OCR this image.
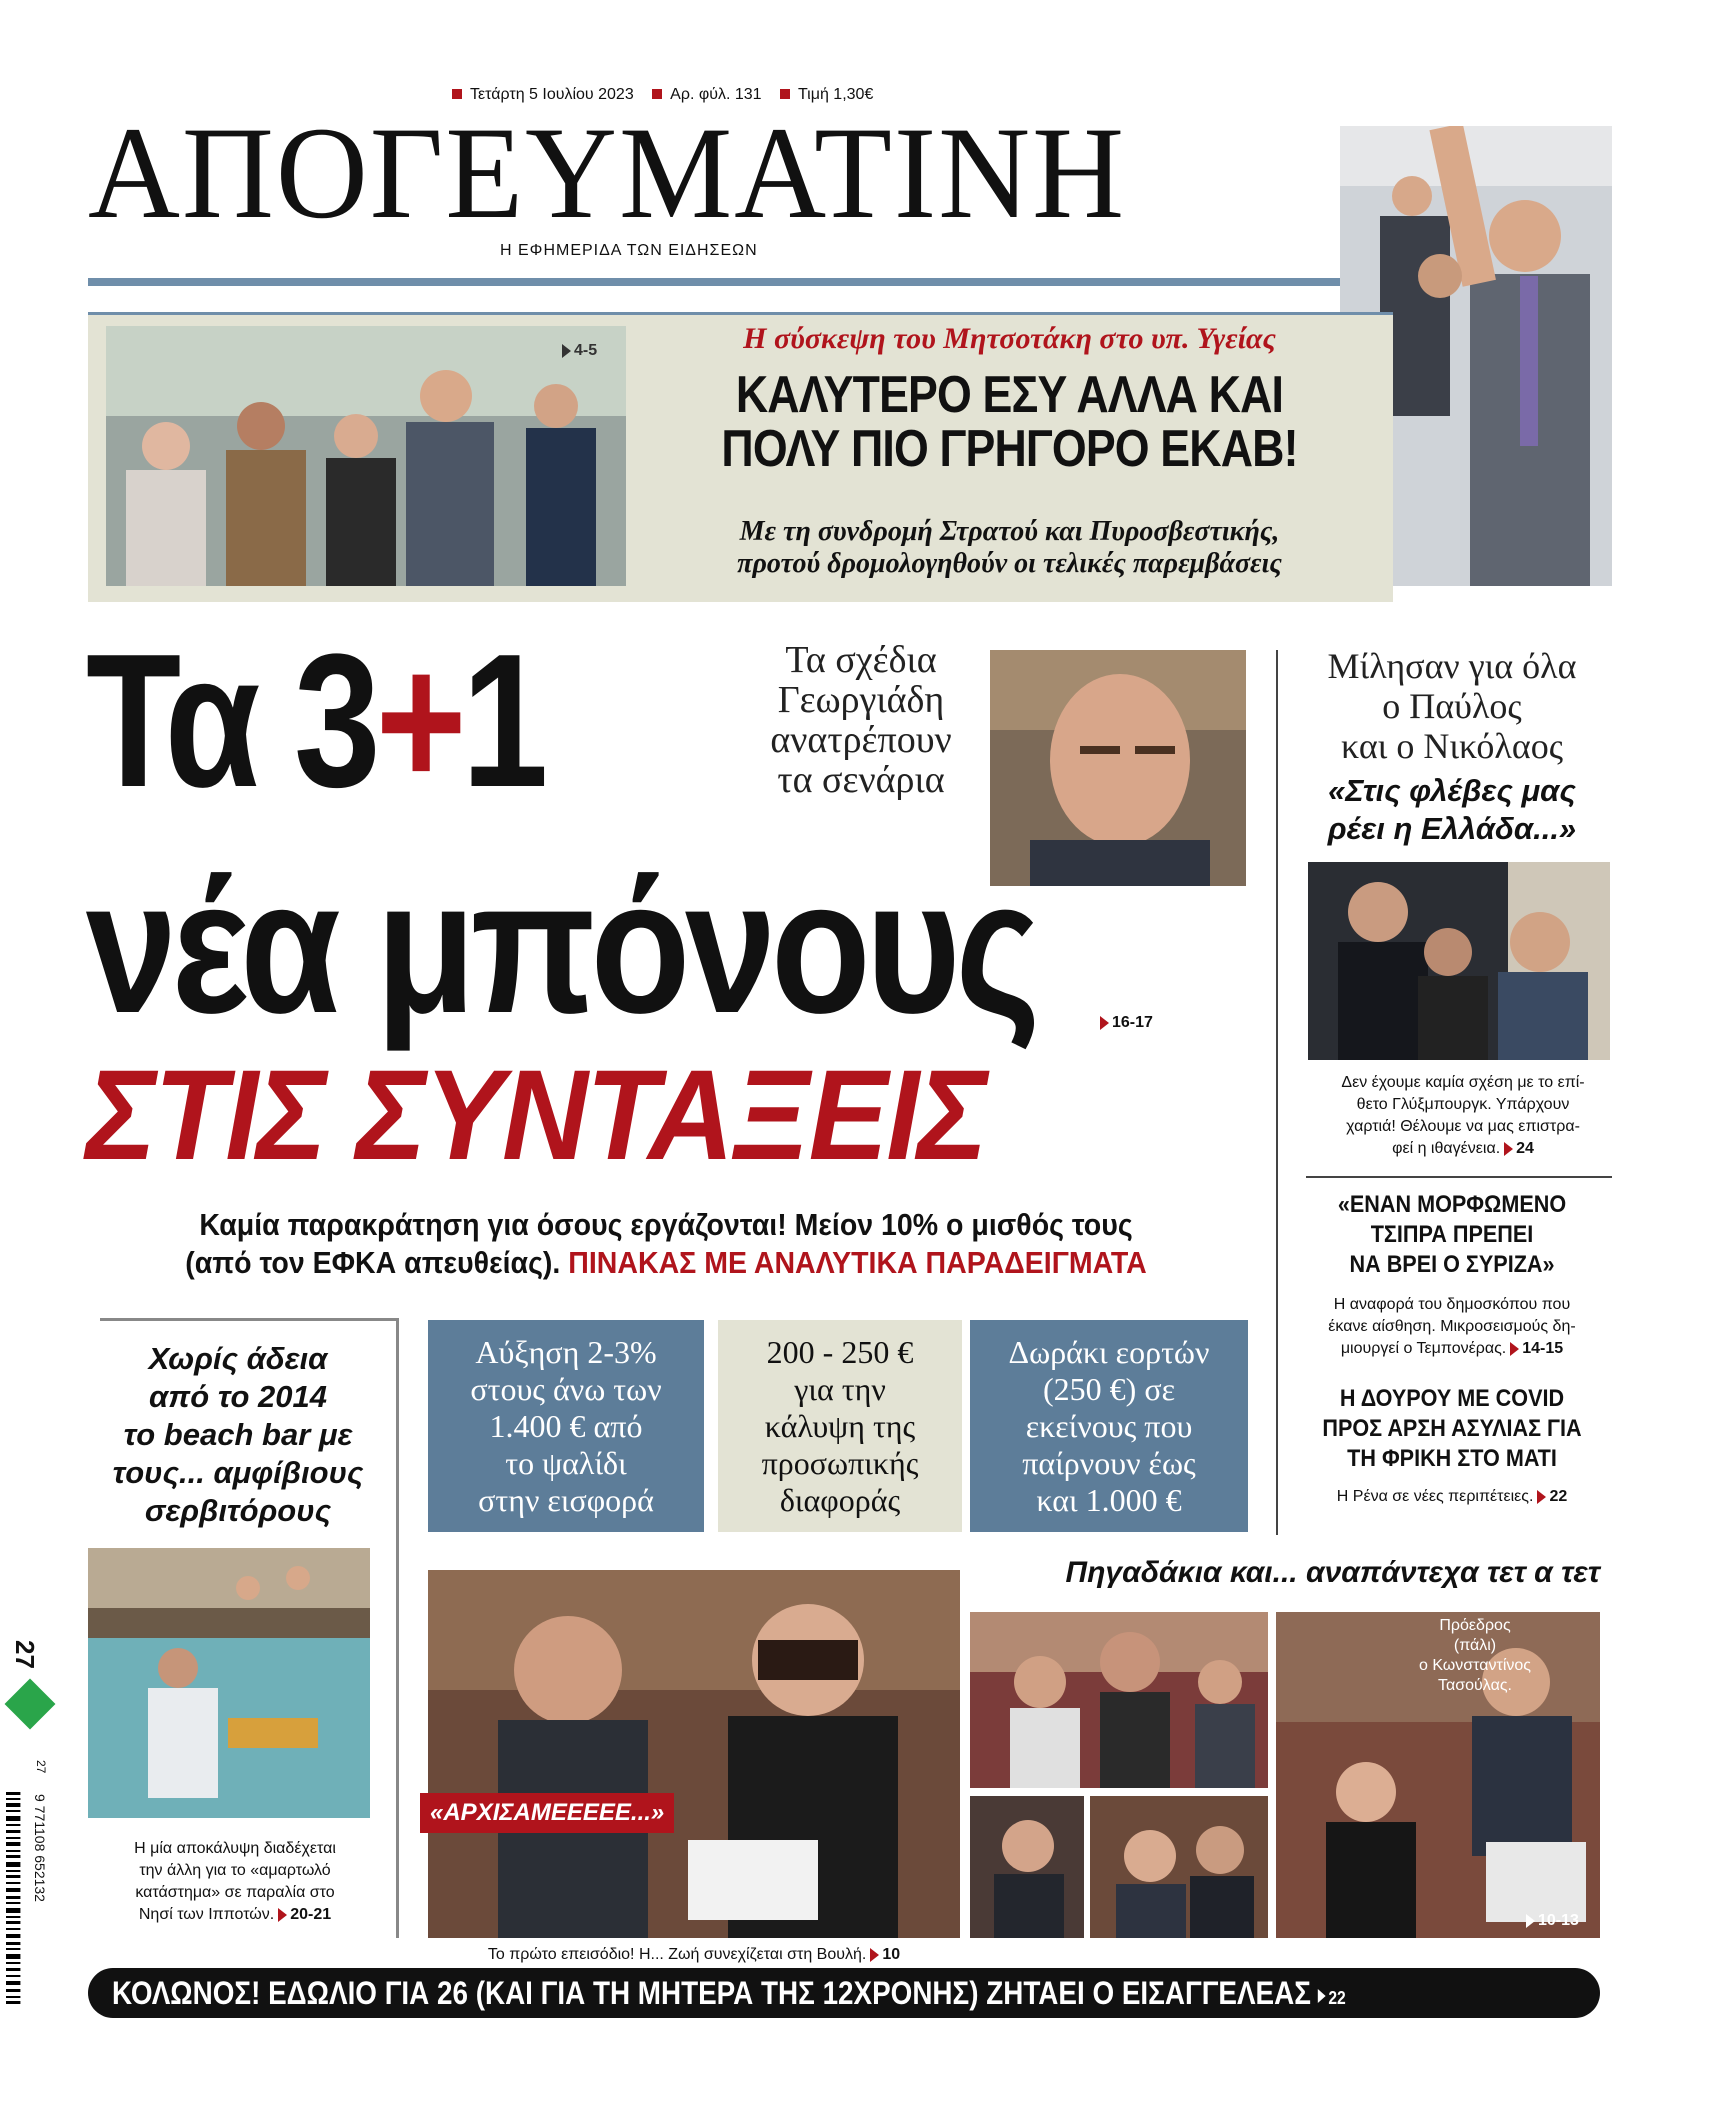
Τετάρτη 5 Ιουλίου 2023 Αρ. φύλ. 131 Τιμή 1,30€
ΑΠΟΓΕΥΜΑΤΙΝΗ
Η ΕΦΗΜΕΡΙΔΑ ΤΩΝ ΕΙΔΗΣΕΩΝ
4-5	Η σύσκεψη του Μητσοτάκη στο υπ. Υγείας
ΚΑΛΥΤΕΡΟ ΕΣΥ ΑΛΛΑ ΚΑΙ
ΠΟΛΥ ΠΙΟ ΓΡΗΓΟΡΟ ΕΚΑΒ!
Με τη συνδρομή Στρατού και Πυροσβεστικής,
προτού δρομολογηθούν οι τελικές παρεμβάσεις
Τα 3+1	Τα σχέδια
Γεωργιάδη
ανατρέπουν
τα σενάρια
νέα μπόνους	16-17
ΣΤΙΣ ΣΥΝΤΑΞΕΙΣ
Καμία παρακράτηση για όσους εργάζονται! Μείον 10% ο μισθός τους
(από τον ΕΦΚΑ απευθείας). ΠΙΝΑΚΑΣ ΜΕ ΑΝΑΛΥΤΙΚΑ ΠΑΡΑΔΕΙΓΜΑΤΑ
Αύξηση 2-3%
στους άνω των
1.400 € από
το ψαλίδι
στην εισφορά
200 - 250 €
για την
κάλυψη της
προσωπικής
διαφοράς
Δωράκι εορτών
(250 €) σε
εκείνους που
παίρνουν έως
και 1.000 €
Μίλησαν για όλα
ο Παύλος
και ο Νικόλαος
«Στις φλέβες μας
ρέει η Ελλάδα...»
Δεν έχουμε καμία σχέση με το επί-
θετο Γλύξμπουργκ. Υπάρχουν
χαρτιά! Θέλουμε να μας επιστρα-
φεί η ιθαγένεια. 24
«ΕΝΑΝ ΜΟΡΦΩΜΕΝΟ
ΤΣΙΠΡΑ ΠΡΕΠΕΙ
ΝΑ ΒΡΕΙ Ο ΣΥΡΙΖΑ»
Η αναφορά του δημοσκόπου που
έκανε αίσθηση. Μικροσεισμούς δη-
μιουργεί ο Τεμπονέρας. 14-15
Η ΔΟΥΡΟΥ ΜΕ COVID
ΠΡΟΣ ΑΡΣΗ ΑΣΥΛΙΑΣ ΓΙΑ
ΤΗ ΦΡΙΚΗ ΣΤΟ ΜΑΤΙ
Η Ρένα σε νέες περιπέτειες. 22
Χωρίς άδεια
από το 2014
το beach bar με
τους... αμφίβιους
σερβιτόρους
Η μία αποκάλυψη διαδέχεται
την άλλη για το «αμαρτωλό
κατάστημα» σε παραλία στο
Νησί των Ιπποτών. 20-21
27
9 771108 652132
27
«ΑΡΧΙΣΑΜΕΕΕΕΕ...»
Το πρώτο επεισόδιο! Η... Ζωή συνεχίζεται στη Βουλή. 10
Πηγαδάκια και... αναπάντεχα τετ α τετ
Πρόεδρος
(πάλι)
ο Κωνσταντίνος
Τασούλας.
10-13
ΚΟΛΩΝΟΣ! ΕΔΩΛΙΟ ΓΙΑ 26 (ΚΑΙ ΓΙΑ ΤΗ ΜΗΤΕΡΑ ΤΗΣ 12ΧΡΟΝΗΣ) ΖΗΤΑΕΙ Ο ΕΙΣΑΓΓΕΛΕΑΣ 22
